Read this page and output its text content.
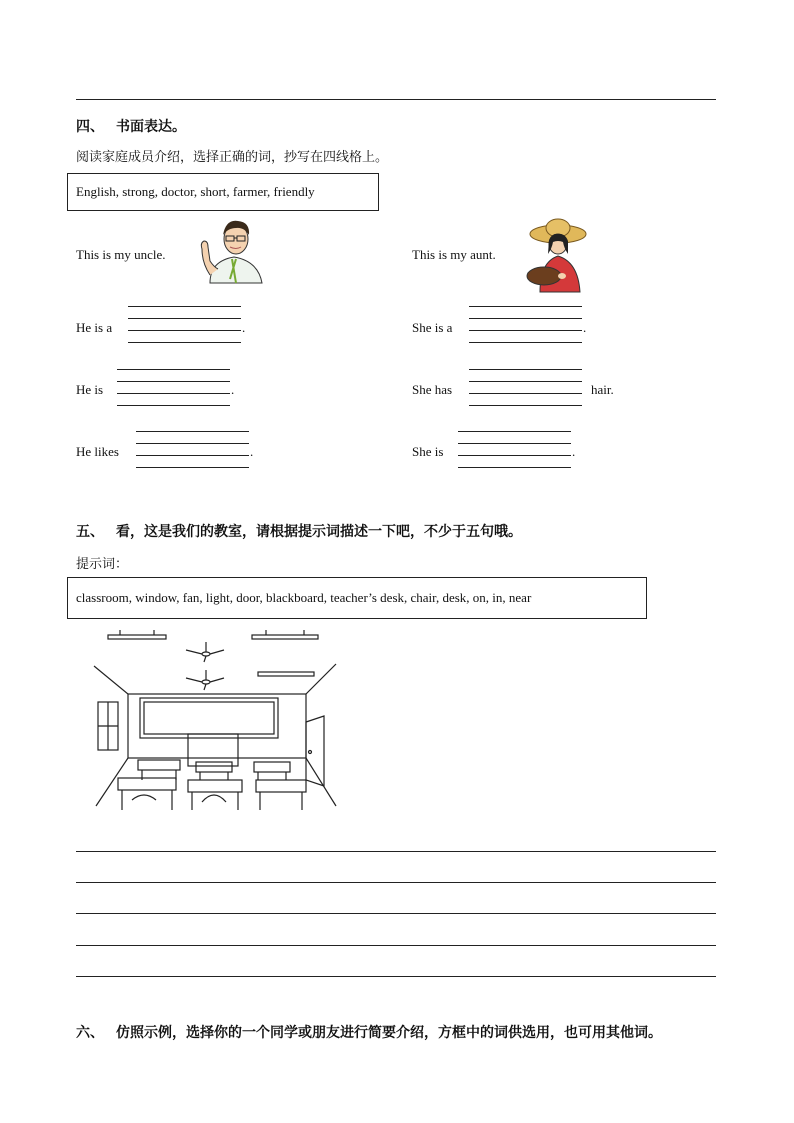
四、 书面表达。
阅读家庭成员介绍，选择正确的词，抄写在四线格上。
English, strong, doctor, short, farmer, friendly
This is my uncle.
He is a	.
He is	.
He likes	.
This is my aunt.
She is a	.
She has	hair.
She is	.
五、 看，这是我们的教室，请根据提示词描述一下吧，不少于五句哦。
提示词：
classroom, window, fan, light, door, blackboard, teacher’s desk, chair, desk, on, in, near
六、 仿照示例，选择你的一个同学或朋友进行简要介绍，方框中的词供选用，也可用其他词。
